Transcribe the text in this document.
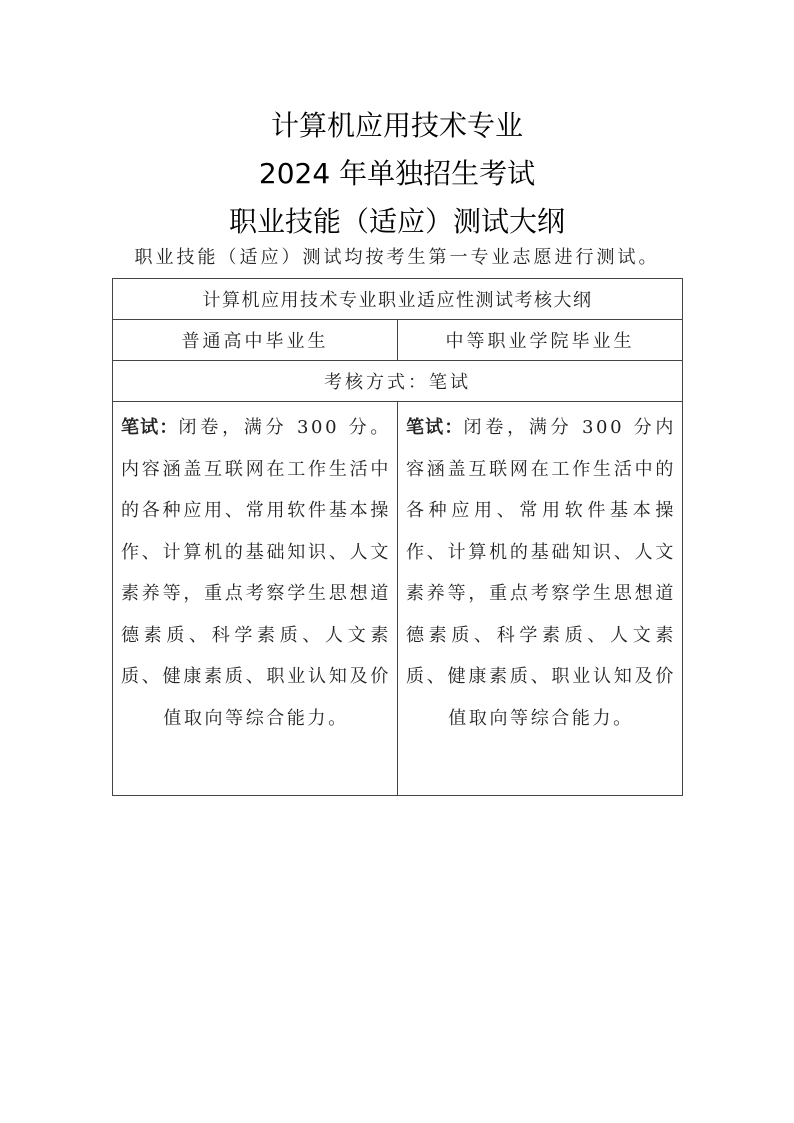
计算机应用技术专业
2024 年单独招生考试
职业技能（适应）测试大纲
职业技能（适应）测试均按考生第一专业志愿进行测试。
计算机应用技术专业职业适应性测试考核大纲	
普通高中毕业生	中等职业学院毕业生
考核方式：笔试	

笔试：闭卷，满分 300 分。内容涵盖互联网在工作生活中的各种应用、常用软件基本操作、计算机的基础知识、人文素养等，重点考察学生思想道德素质、科学素质、人文素质、健康素质、职业认知及价值取向等综合能力。	笔试：闭卷，满分 300 分内容涵盖互联网在工作生活中的各种应用、常用软件基本操作、计算机的基础知识、人文素养等，重点考察学生思想道德素质、科学素质、人文素质、健康素质、职业认知及价值取向等综合能力。
